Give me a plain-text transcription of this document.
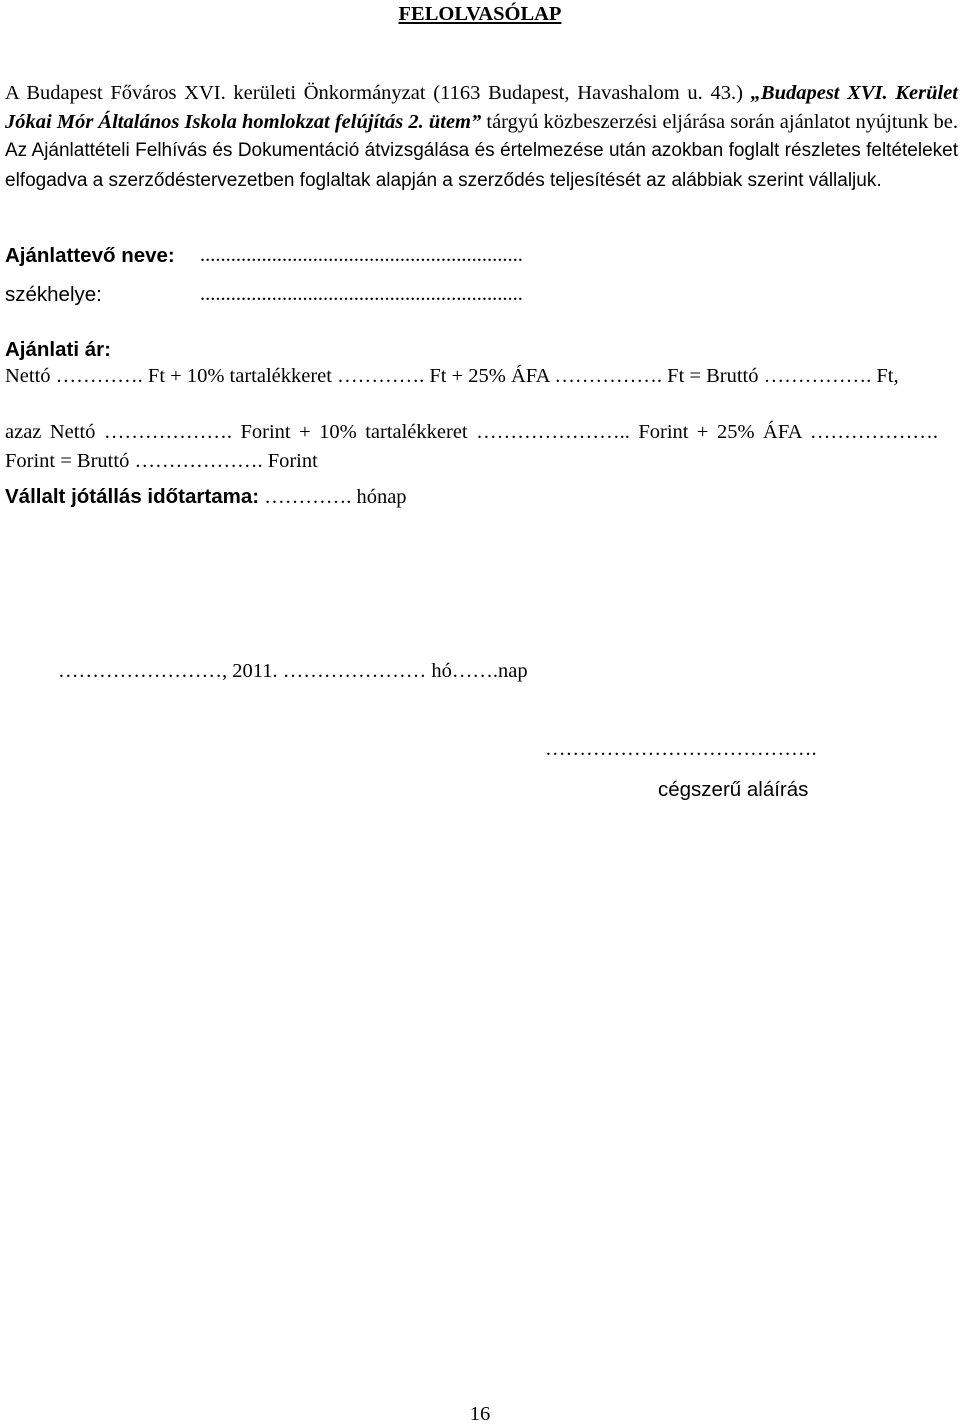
FELOLVASÓLAP
A Budapest Főváros XVI. kerületi Önkormányzat (1163 Budapest, Havashalom u. 43.) „Budapest XVI. Kerület Jókai Mór Általános Iskola homlokzat felújítás 2. ütem” tárgyú közbeszerzési eljárása során ajánlatot nyújtunk be. Az Ajánlattételi Felhívás és Dokumentáció átvizsgálása és értelmezése után azokban foglalt részletes feltételeket elfogadva a szerződéstervezetben foglaltak alapján a szerződés teljesítését az alábbiak szerint vállaljuk.
Ajánlattevő neve: ...............................................................
székhelye:	...............................................................
Ajánlati ár:
Nettó …………. Ft + 10% tartalékkeret …………. Ft + 25% ÁFA ……………. Ft = Bruttó ……………. Ft,
azaz Nettó ………………. Forint + 10% tartalékkeret ………………….. Forint + 25% ÁFA ………………. Forint = Bruttó ………………. Forint
Vállalt jótállás időtartama: …………. hónap
……………………, 2011. ………………… hó…….nap
………………………………….
cégszerű aláírás
16
